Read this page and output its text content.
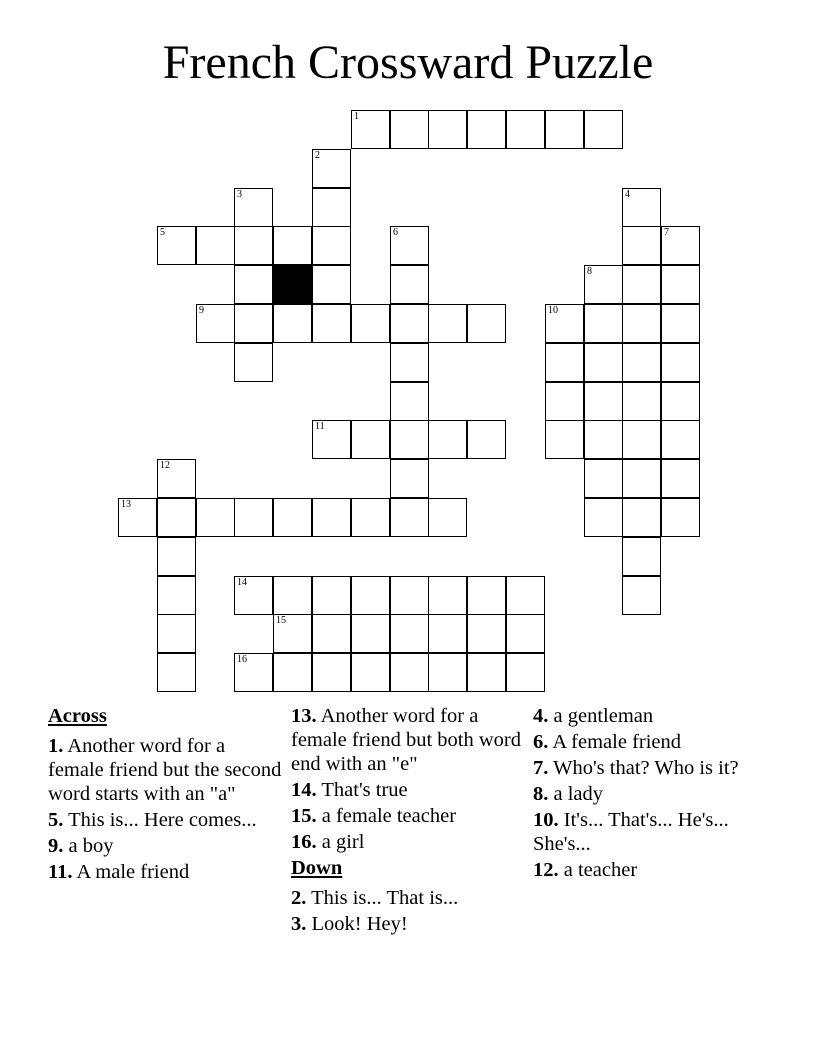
French Crossward Puzzle
1
2
3	4
5	6	7
8
9	10
11
12
13
14
15
16
Across
1. Another word for a female friend but the second word starts with an "a"
5. This is... Here comes...
9. a boy
11. A male friend
13. Another word for a female friend but both word end with an "e"
14. That's true
15. a female teacher
16. a girl
Down
2. This is... That is...
3. Look! Hey!
4. a gentleman
6. A female friend
7. Who's that? Who is it?
8. a lady
10. It's... That's... He's... She's...
12. a teacher
